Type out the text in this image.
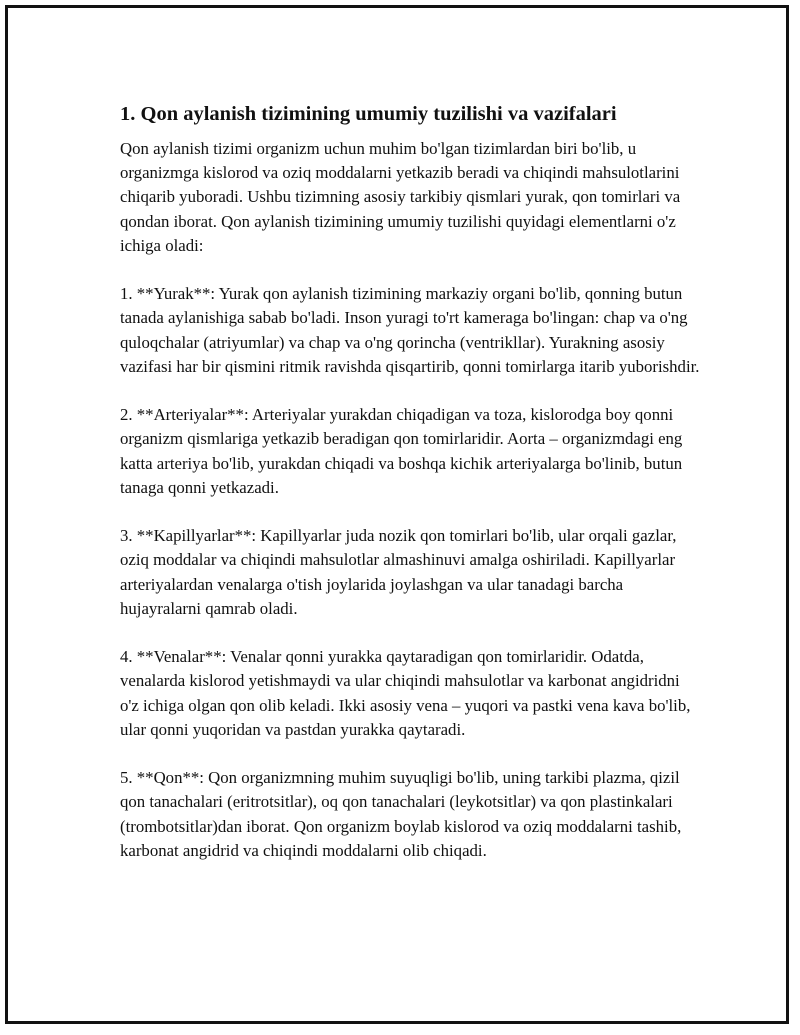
1. Qon aylanish tizimining umumiy tuzilishi va vazifalari

Qon aylanish tizimi organizm uchun muhim bo'lgan tizimlardan biri bo'lib, u organizmga kislorod va oziq moddalarni yetkazib beradi va chiqindi mahsulotlarini chiqarib yuboradi. Ushbu tizimning asosiy tarkibiy qismlari yurak, qon tomirlari va qondan iborat. Qon aylanish tizimining umumiy tuzilishi quyidagi elementlarni o'z ichiga oladi:

1. **Yurak**: Yurak qon aylanish tizimining markaziy organi bo'lib, qonning butun tanada aylanishiga sabab bo'ladi. Inson yuragi to'rt kameraga bo'lingan: chap va o'ng quloqchalar (atriyumlar) va chap va o'ng qorincha (ventrikllar). Yurakning asosiy vazifasi har bir qismini ritmik ravishda qisqartirib, qonni tomirlarga itarib yuborishdir.

2. **Arteriyalar**: Arteriyalar yurakdan chiqadigan va toza, kislorodga boy qonni organizm qismlariga yetkazib beradigan qon tomirlaridir. Aorta – organizmdagi eng katta arteriya bo'lib, yurakdan chiqadi va boshqa kichik arteriyalarga bo'linib, butun tanaga qonni yetkazadi.

3. **Kapillyarlar**: Kapillyarlar juda nozik qon tomirlari bo'lib, ular orqali gazlar, oziq moddalar va chiqindi mahsulotlar almashinuvi amalga oshiriladi. Kapillyarlar arteriyalardan venalarga o'tish joylarida joylashgan va ular tanadagi barcha hujayralarni qamrab oladi.

4. **Venalar**: Venalar qonni yurakka qaytaradigan qon tomirlaridir. Odatda, venalarda kislorod yetishmaydi va ular chiqindi mahsulotlar va karbonat angidridni o'z ichiga olgan qon olib keladi. Ikki asosiy vena – yuqori va pastki vena kava bo'lib, ular qonni yuqoridan va pastdan yurakka qaytaradi.

5. **Qon**: Qon organizmning muhim suyuqligi bo'lib, uning tarkibi plazma, qizil qon tanachalari (eritrotsitlar), oq qon tanachalari (leykotsitlar) va qon plastinkalari (trombotsitlar)dan iborat. Qon organizm boylab kislorod va oziq moddalarni tashib, karbonat angidrid va chiqindi moddalarni olib chiqadi.
